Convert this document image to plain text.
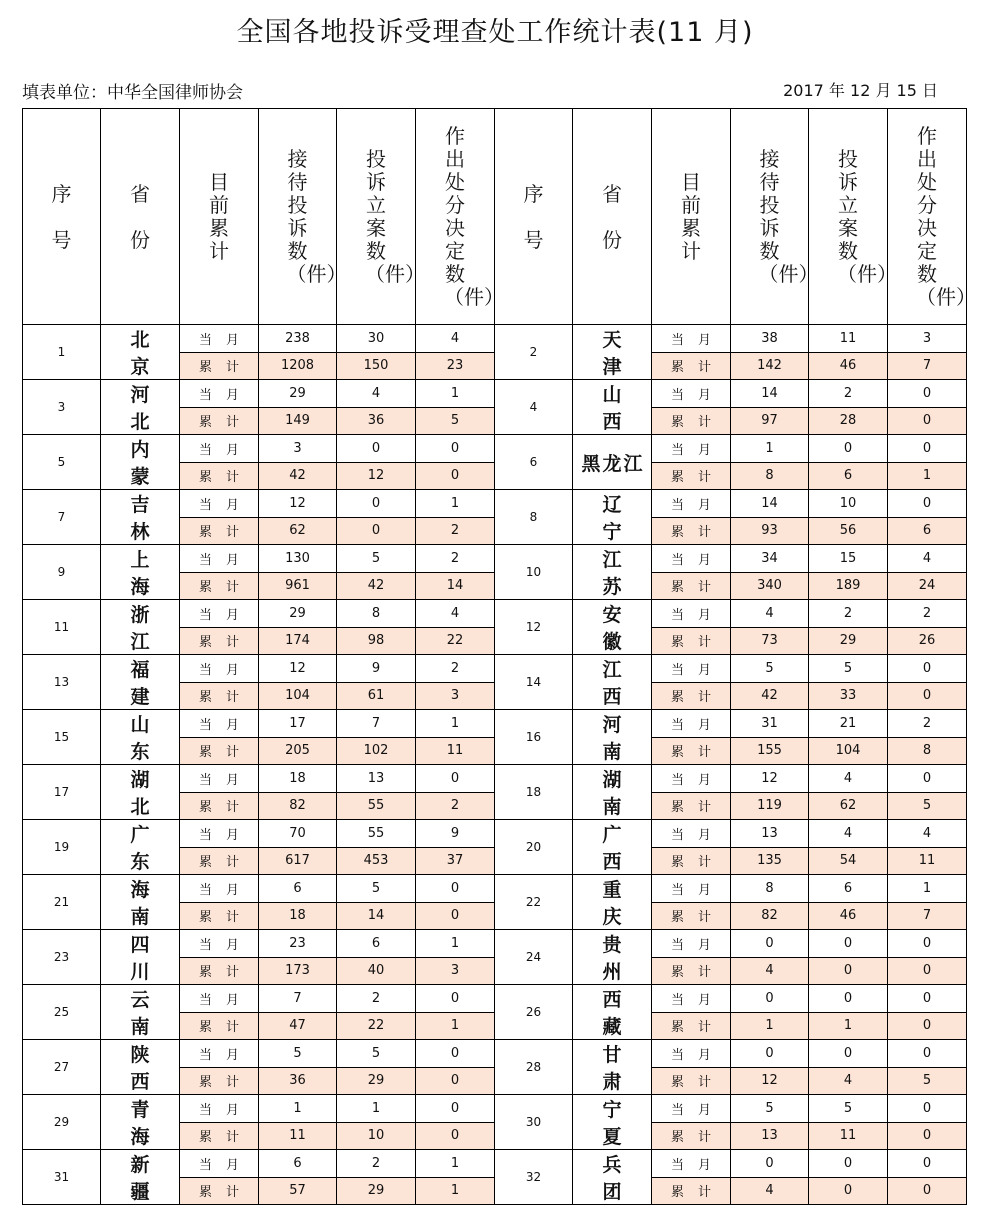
全国各地投诉受理查处工作统计表(11 月)
填表单位：中华全国律师协会	2017 年 12 月 15 日
序号	省份	目前累计	接待投诉数（件）	投诉立案数（件）	作出处分决定数（件）	序号	省份	目前累计	接待投诉数（件）	投诉立案数（件）	作出处分决定数（件）
1	北京	当月	238	30	4	2	天津	当月	38	11	3
		累计	1208	150	23			累计	142	46	7
3	河北	当月	29	4	1	4	山西	当月	14	2	0
		累计	149	36	5			累计	97	28	0
5	内蒙	当月	3	0	0	6	黑龙江	当月	1	0	0
		累计	42	12	0			累计	8	6	1
7	吉林	当月	12	0	1	8	辽宁	当月	14	10	0
		累计	62	0	2			累计	93	56	6
9	上海	当月	130	5	2	10	江苏	当月	34	15	4
		累计	961	42	14			累计	340	189	24
11	浙江	当月	29	8	4	12	安徽	当月	4	2	2
		累计	174	98	22			累计	73	29	26
13	福建	当月	12	9	2	14	江西	当月	5	5	0
		累计	104	61	3			累计	42	33	0
15	山东	当月	17	7	1	16	河南	当月	31	21	2
		累计	205	102	11			累计	155	104	8
17	湖北	当月	18	13	0	18	湖南	当月	12	4	0
		累计	82	55	2			累计	119	62	5
19	广东	当月	70	55	9	20	广西	当月	13	4	4
		累计	617	453	37			累计	135	54	11
21	海南	当月	6	5	0	22	重庆	当月	8	6	1
		累计	18	14	0			累计	82	46	7
23	四川	当月	23	6	1	24	贵州	当月	0	0	0
		累计	173	40	3			累计	4	0	0
25	云南	当月	7	2	0	26	西藏	当月	0	0	0
		累计	47	22	1			累计	1	1	0
27	陕西	当月	5	5	0	28	甘肃	当月	0	0	0
		累计	36	29	0			累计	12	4	5
29	青海	当月	1	1	0	30	宁夏	当月	5	5	0
		累计	11	10	0			累计	13	11	0
31	新疆	当月	6	2	1	32	兵团	当月	0	0	0
		累计	57	29	1			累计	4	0	0
